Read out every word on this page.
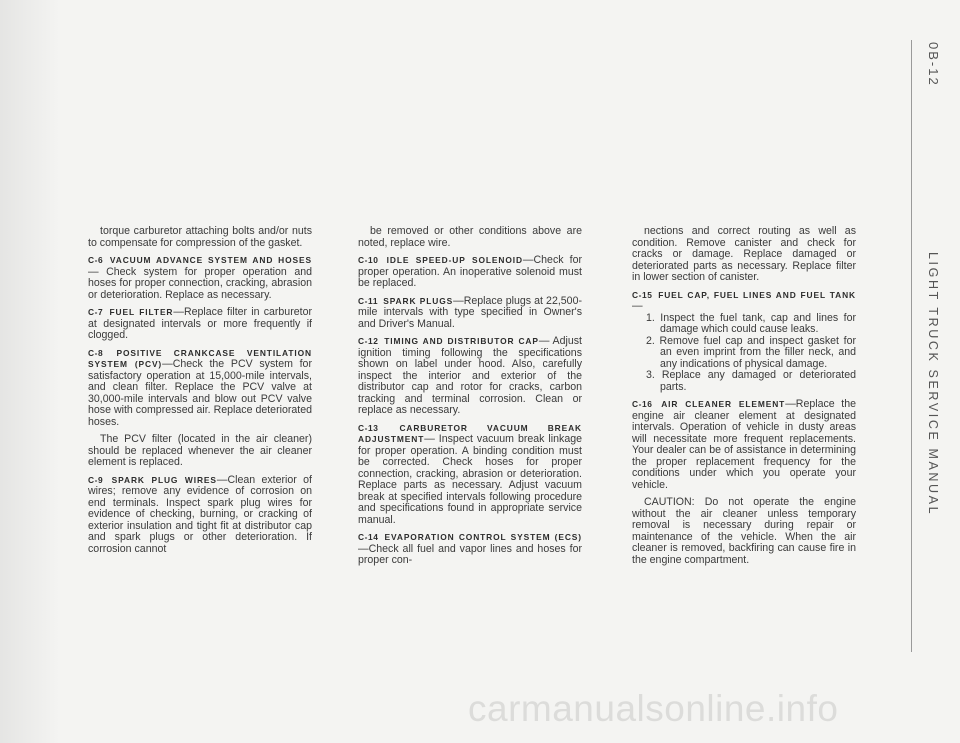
torque carburetor attaching bolts and/or nuts to compensate for compression of the gasket.

C-6 VACUUM ADVANCE SYSTEM AND HOSES— Check system for proper operation and hoses for proper connection, cracking, abrasion or deterioration. Replace as necessary.

C-7 FUEL FILTER—Replace filter in carburetor at designated intervals or more frequently if clogged.

C-8 POSITIVE CRANKCASE VENTILATION SYSTEM (PCV)—Check the PCV system for satisfactory operation at 15,000-mile intervals, and clean filter. Replace the PCV valve at 30,000-mile intervals and blow out PCV valve hose with compressed air. Replace deteriorated hoses.

The PCV filter (located in the air cleaner) should be replaced whenever the air cleaner element is replaced.

C-9 SPARK PLUG WIRES—Clean exterior of wires; remove any evidence of corrosion on end terminals. Inspect spark plug wires for evidence of checking, burning, or cracking of exterior insulation and tight fit at distributor cap and spark plugs or other deterioration. If corrosion cannot

be removed or other conditions above are noted, replace wire.

C-10 IDLE SPEED-UP SOLENOID—Check for proper operation. An inoperative solenoid must be replaced.

C-11 SPARK PLUGS—Replace plugs at 22,500-mile intervals with type specified in Owner's and Driver's Manual.

C-12 TIMING AND DISTRIBUTOR CAP— Adjust ignition timing following the specifications shown on label under hood. Also, carefully inspect the interior and exterior of the distributor cap and rotor for cracks, carbon tracking and terminal corrosion. Clean or replace as necessary.

C-13 CARBURETOR VACUUM BREAK ADJUSTMENT— Inspect vacuum break linkage for proper operation. A binding condition must be corrected. Check hoses for proper connection, cracking, abrasion or deterioration. Replace parts as necessary. Adjust vacuum break at specified intervals following procedure and specifications found in appropriate service manual.

C-14 EVAPORATION CONTROL SYSTEM (ECS)—Check all fuel and vapor lines and hoses for proper con-

nections and correct routing as well as condition. Remove canister and check for cracks or damage. Replace damaged or deteriorated parts as necessary. Replace filter in lower section of canister.

C-15 FUEL CAP, FUEL LINES AND FUEL TANK—

1. Inspect the fuel tank, cap and lines for damage which could cause leaks.
2. Remove fuel cap and inspect gasket for an even imprint from the filler neck, and any indications of physical damage.
3. Replace any damaged or deteriorated parts.

C-16 AIR CLEANER ELEMENT—Replace the engine air cleaner element at designated intervals. Operation of vehicle in dusty areas will necessitate more frequent replacements. Your dealer can be of assistance in determining the proper replacement frequency for the conditions under which you operate your vehicle.

CAUTION: Do not operate the engine without the air cleaner unless temporary removal is necessary during repair or maintenance of the vehicle. When the air cleaner is removed, backfiring can cause fire in the engine compartment.

0B-12
LIGHT TRUCK SERVICE MANUAL
carmanualsonline.info
